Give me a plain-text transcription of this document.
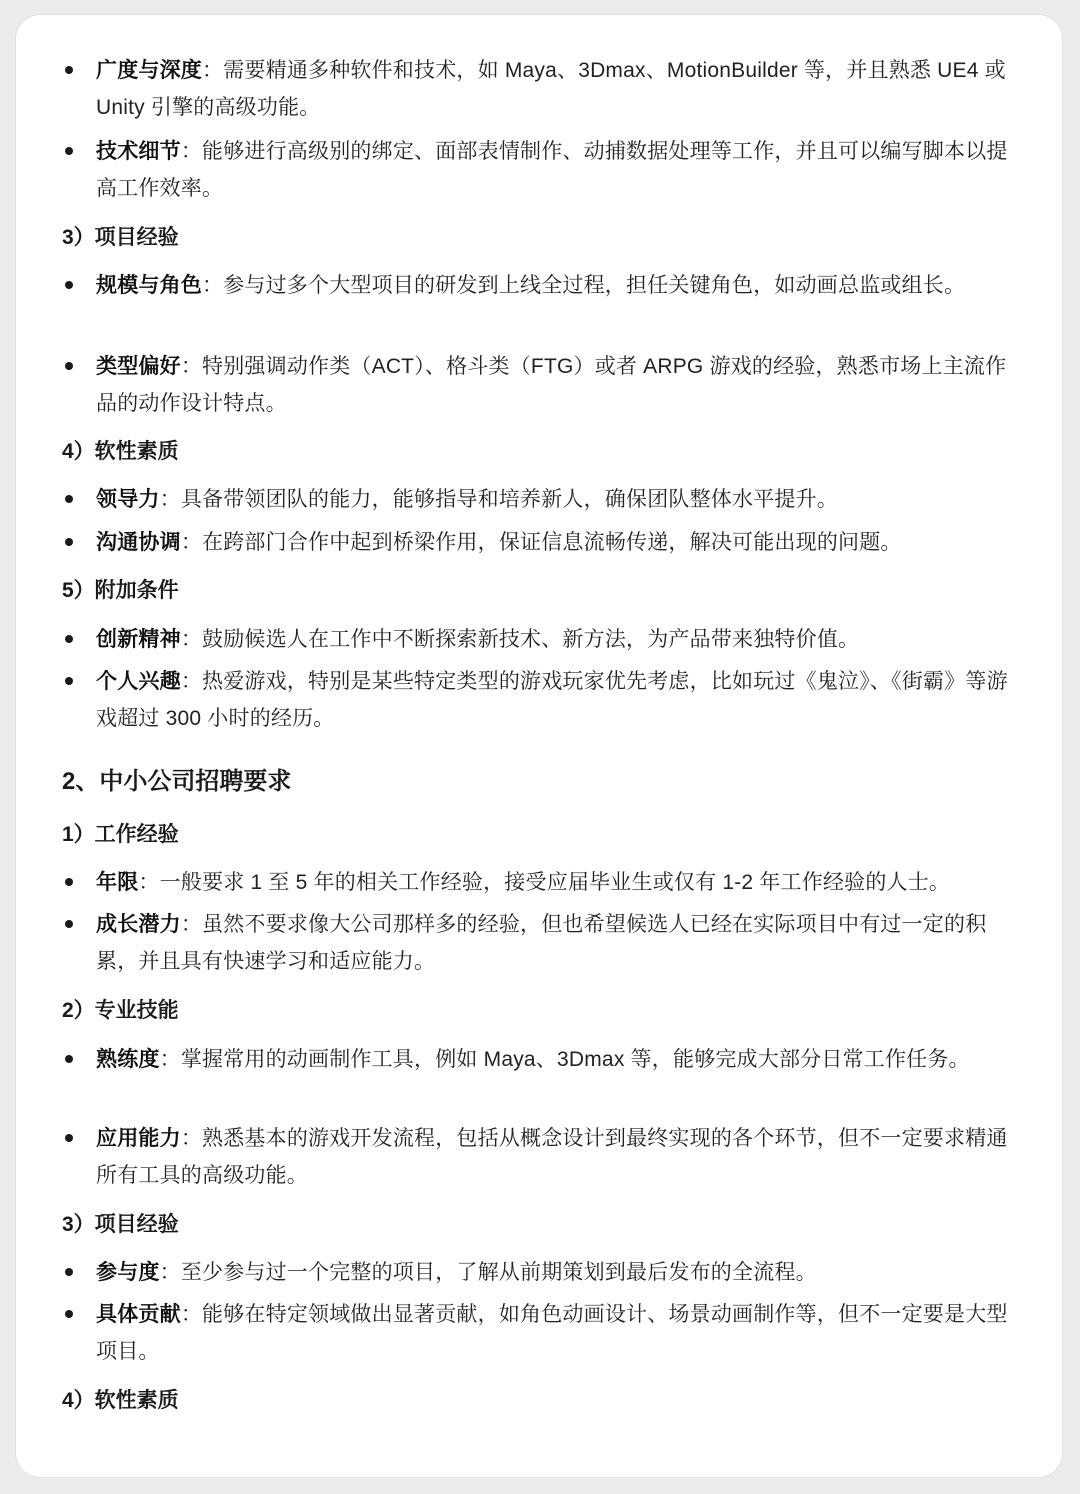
广度与深度：需要精通多种软件和技术，如 Maya、3Dmax、MotionBuilder 等，并且熟悉 UE4 或 Unity 引擎的高级功能。
技术细节：能够进行高级别的绑定、面部表情制作、动捕数据处理等工作，并且可以编写脚本以提高工作效率。
3）项目经验
规模与角色：参与过多个大型项目的研发到上线全过程，担任关键角色，如动画总监或组长。
类型偏好：特别强调动作类（ACT）、格斗类（FTG）或者 ARPG 游戏的经验，熟悉市场上主流作品的动作设计特点。
4）软性素质
领导力：具备带领团队的能力，能够指导和培养新人，确保团队整体水平提升。
沟通协调：在跨部门合作中起到桥梁作用，保证信息流畅传递，解决可能出现的问题。
5）附加条件
创新精神：鼓励候选人在工作中不断探索新技术、新方法，为产品带来独特价值。
个人兴趣：热爱游戏，特别是某些特定类型的游戏玩家优先考虑，比如玩过《鬼泣》、《街霸》等游戏超过 300 小时的经历。
2、中小公司招聘要求
1）工作经验
年限：一般要求 1 至 5 年的相关工作经验，接受应届毕业生或仅有 1-2 年工作经验的人士。
成长潜力：虽然不要求像大公司那样多的经验，但也希望候选人已经在实际项目中有过一定的积累，并且具有快速学习和适应能力。
2）专业技能
熟练度：掌握常用的动画制作工具，例如 Maya、3Dmax 等，能够完成大部分日常工作任务。
应用能力：熟悉基本的游戏开发流程，包括从概念设计到最终实现的各个环节，但不一定要求精通所有工具的高级功能。
3）项目经验
参与度：至少参与过一个完整的项目，了解从前期策划到最后发布的全流程。
具体贡献：能够在特定领域做出显著贡献，如角色动画设计、场景动画制作等，但不一定要是大型项目。
4）软性素质
